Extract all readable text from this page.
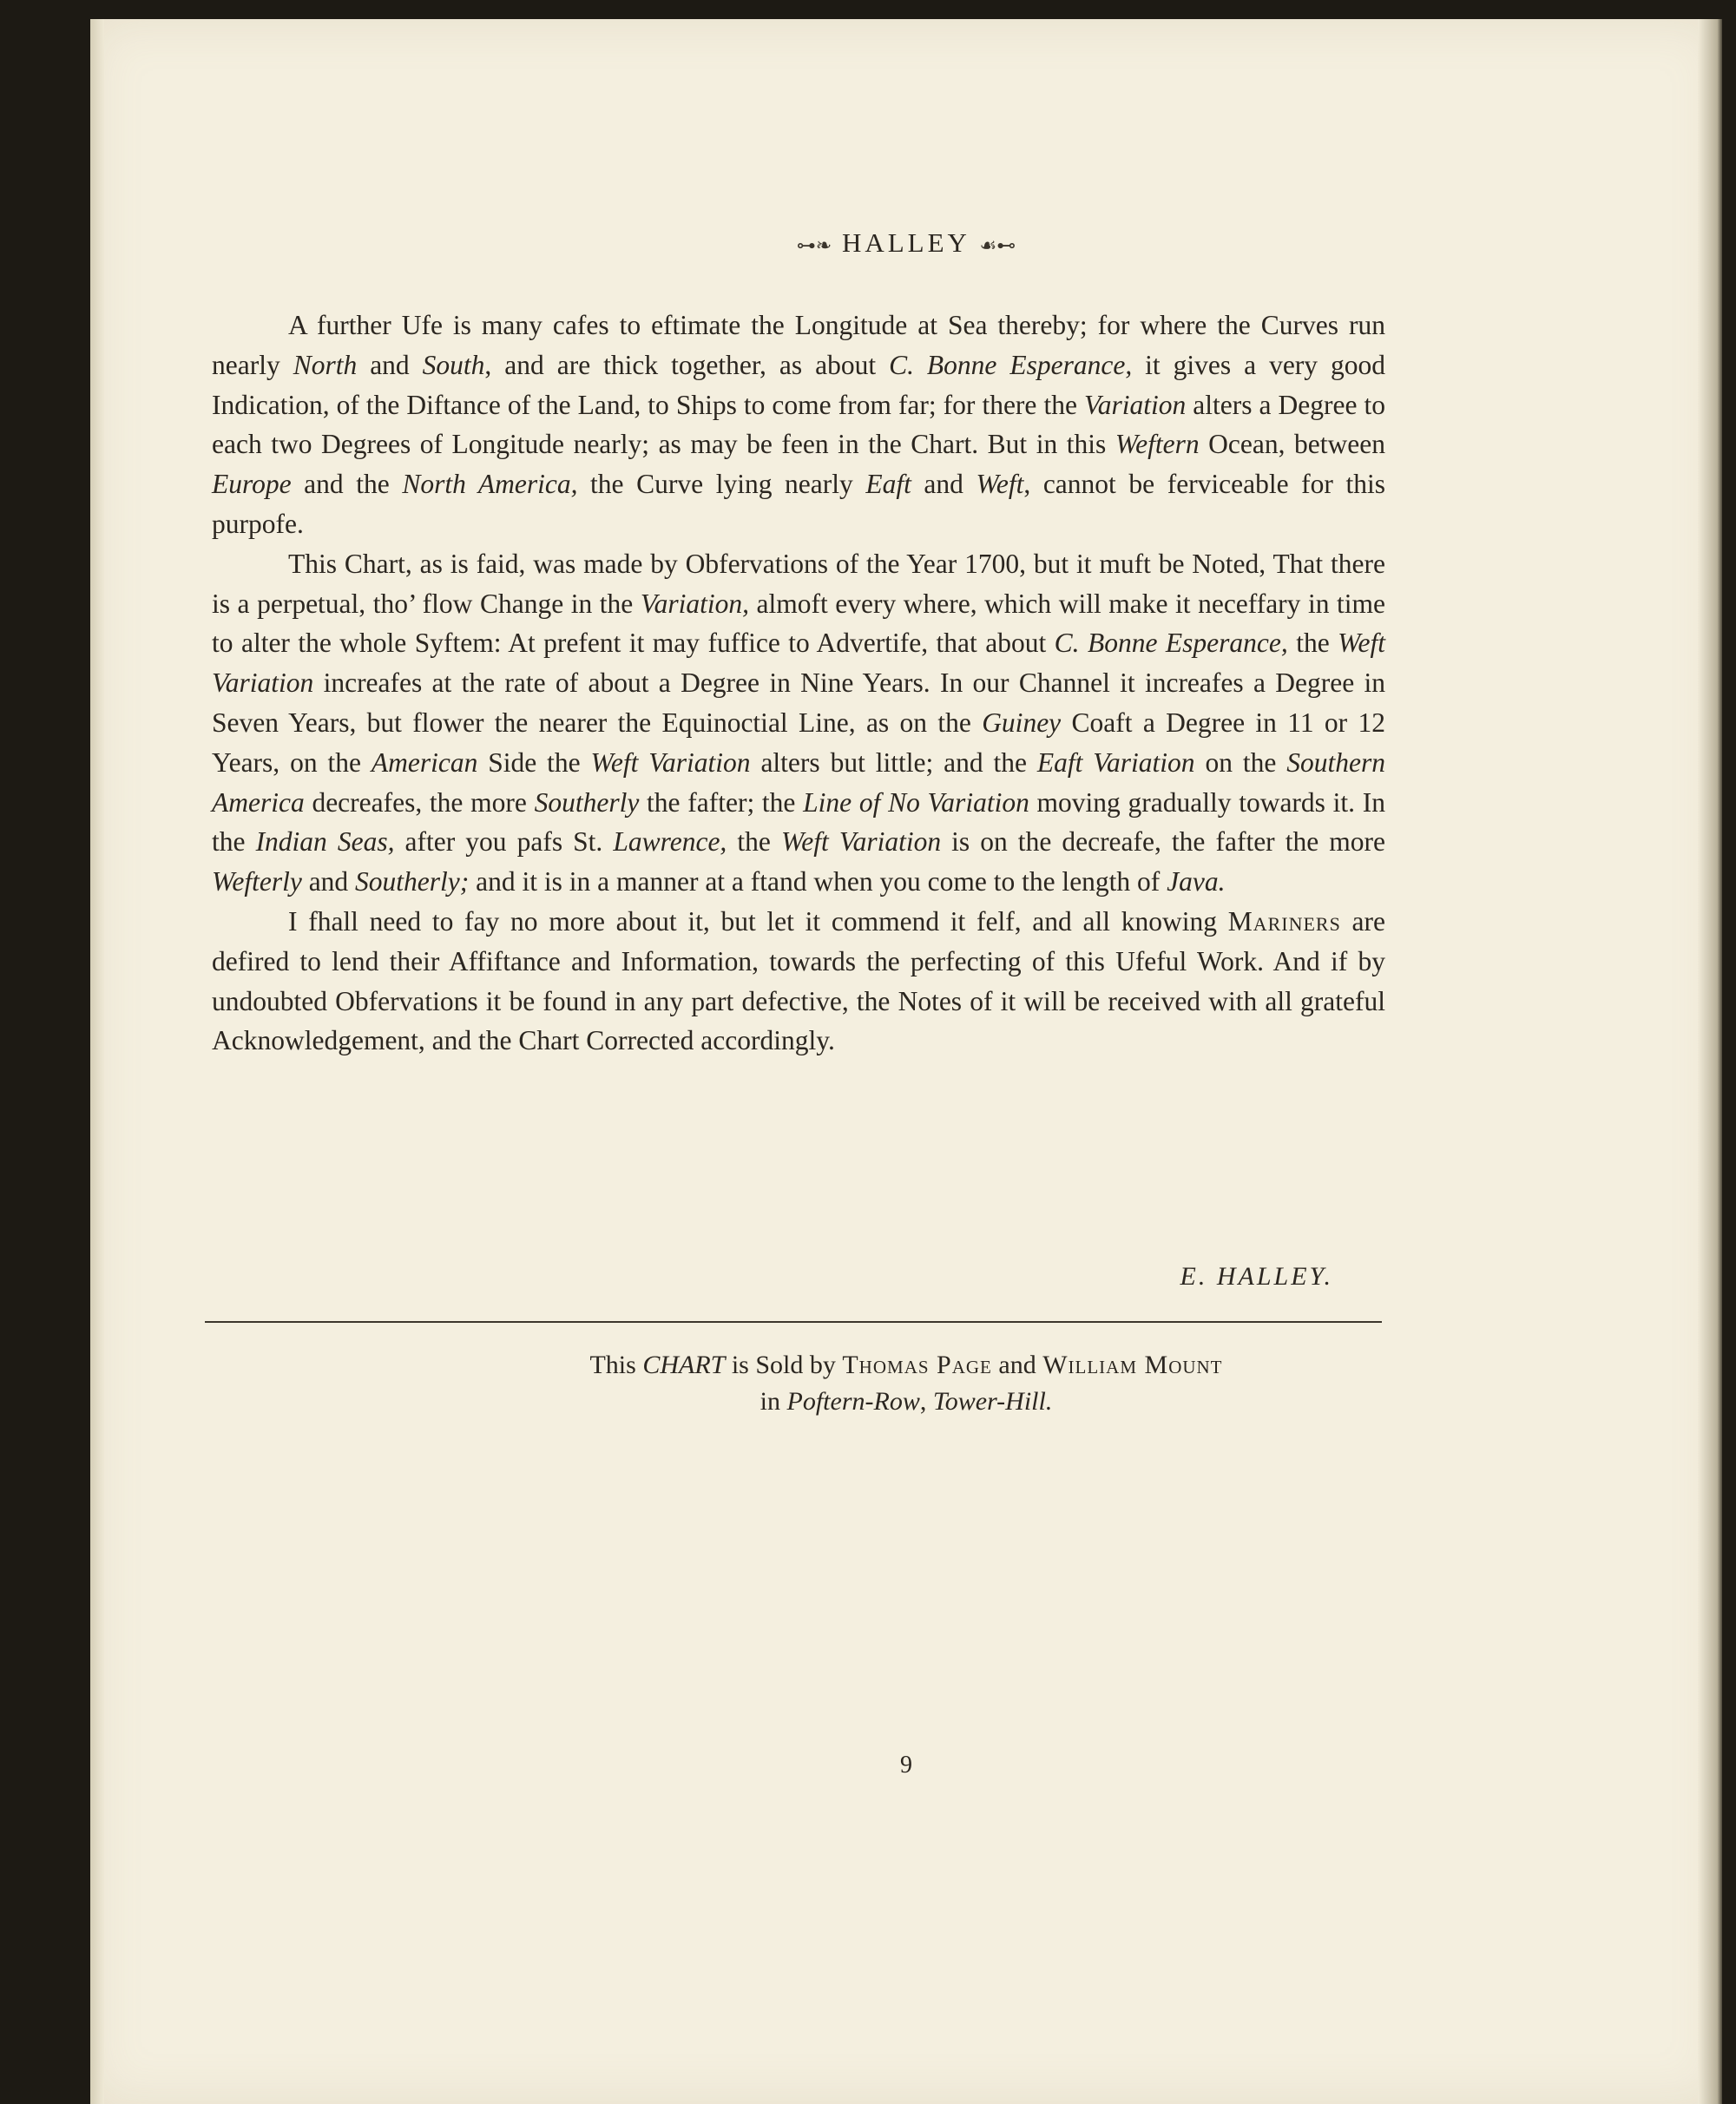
⊶❧ HALLEY ☙⊷

A further Ufe is many cafes to eftimate the Longitude at Sea thereby; for where the Curves run nearly North and South, and are thick together, as about C. Bonne Esperance, it gives a very good Indication, of the Diftance of the Land, to Ships to come from far; for there the Variation alters a Degree to each two Degrees of Longitude nearly; as may be feen in the Chart. But in this Weftern Ocean, between Europe and the North America, the Curve lying nearly Eaft and Weft, cannot be ferviceable for this purpofe.

This Chart, as is faid, was made by Obfervations of the Year 1700, but it muft be Noted, That there is a perpetual, tho’ flow Change in the Variation, almoft every where, which will make it neceffary in time to alter the whole Syftem: At prefent it may fuffice to Advertife, that about C. Bonne Esperance, the Weft Variation increafes at the rate of about a Degree in Nine Years. In our Channel it increafes a Degree in Seven Years, but flower the nearer the Equinoctial Line, as on the Guiney Coaft a Degree in 11 or 12 Years, on the American Side the Weft Variation alters but little; and the Eaft Variation on the Southern America decreafes, the more Southerly the fafter; the Line of No Variation moving gradually towards it. In the Indian Seas, after you pafs St. Lawrence, the Weft Variation is on the decreafe, the fafter the more Wefterly and Southerly; and it is in a manner at a ftand when you come to the length of Java.

I fhall need to fay no more about it, but let it commend it felf, and all knowing Mariners are defired to lend their Affiftance and Information, towards the perfecting of this Ufeful Work. And if by undoubted Obfervations it be found in any part defective, the Notes of it will be received with all grateful Acknowledgement, and the Chart Corrected accordingly.

E. HALLEY.
This CHART is Sold by Thomas Page and William Mount
in Poftern-Row, Tower-Hill.
9
